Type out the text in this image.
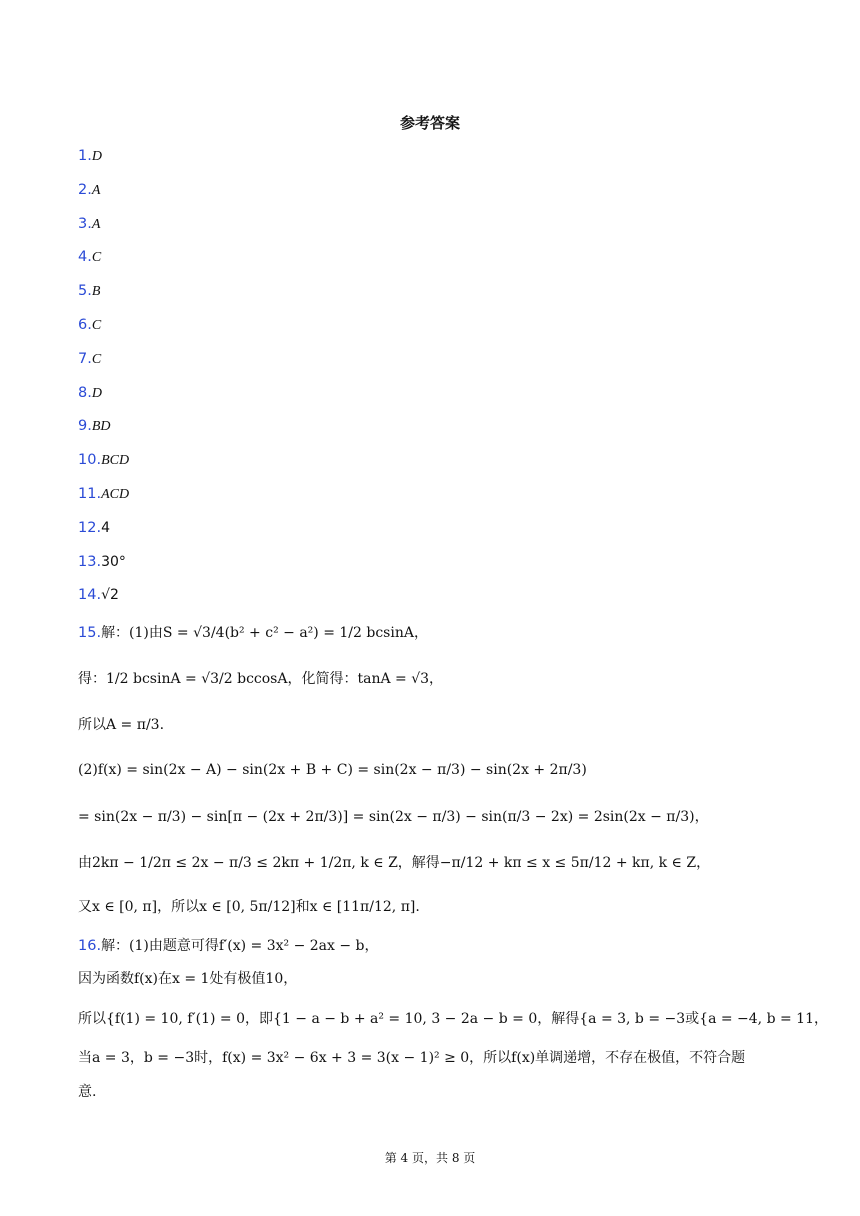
参考答案
1.D
2.A
3.A
4.C
5.B
6.C
7.C
8.D
9.BD
10.BCD
11.ACD
12.4
13.30°
14.√2
15.解：(1)由S = √3/4(b² + c² − a²) = 1/2 bcsinA，
得：1/2 bcsinA = √3/2 bccosA，化简得：tanA = √3，
所以A = π/3.
(2)f(x) = sin(2x − A) − sin(2x + B + C) = sin(2x − π/3) − sin(2x + 2π/3)
= sin(2x − π/3) − sin[π − (2x + 2π/3)] = sin(2x − π/3) − sin(π/3 − 2x) = 2sin(2x − π/3)，
由2kπ − 1/2π ≤ 2x − π/3 ≤ 2kπ + 1/2π, k ∈ Z，解得−π/12 + kπ ≤ x ≤ 5π/12 + kπ, k ∈ Z，
又x ∈ [0, π]，所以x ∈ [0, 5π/12]和x ∈ [11π/12, π].
16.解：(1)由题意可得f′(x) = 3x² − 2ax − b，
因为函数f(x)在x = 1处有极值10，
所以{f(1) = 10, f′(1) = 0，即{1 − a − b + a² = 10, 3 − 2a − b = 0，解得{a = 3, b = −3或{a = −4, b = 11，
当a = 3，b = −3时，f(x) = 3x² − 6x + 3 = 3(x − 1)² ≥ 0，所以f(x)单调递增，不存在极值，不符合题
意.
第 4 页，共 8 页
